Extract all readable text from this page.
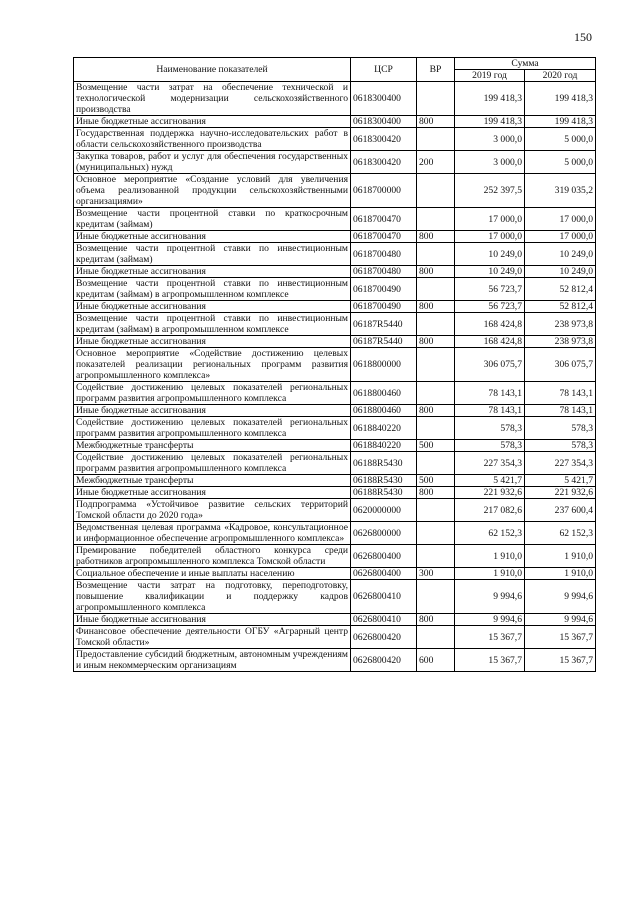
150
Наименование показателей	ЦСР	ВР	Сумма	
			2019 год	2020 год
Возмещение части затрат на обеспечение технической и технологической модернизации сельскохозяйственного производства	0618300400		199 418,3	199 418,3
Иные бюджетные ассигнования	0618300400	800	199 418,3	199 418,3
Государственная поддержка научно-исследовательских работ в области сельскохозяйственного производства	0618300420		3 000,0	5 000,0
Закупка товаров, работ и услуг для обеспечения государственных (муниципальных) нужд	0618300420	200	3 000,0	5 000,0
Основное мероприятие «Создание условий для увеличения объема реализованной продукции сельскохозяйственными организациями»	0618700000		252 397,5	319 035,2
Возмещение части процентной ставки по краткосрочным кредитам (займам)	0618700470		17 000,0	17 000,0
Иные бюджетные ассигнования	0618700470	800	17 000,0	17 000,0
Возмещение части процентной ставки по инвестиционным кредитам (займам)	0618700480		10 249,0	10 249,0
Иные бюджетные ассигнования	0618700480	800	10 249,0	10 249,0
Возмещение части процентной ставки по инвестиционным кредитам (займам) в агропромышленном комплексе	0618700490		56 723,7	52 812,4
Иные бюджетные ассигнования	0618700490	800	56 723,7	52 812,4
Возмещение части процентной ставки по инвестиционным кредитам (займам) в агропромышленном комплексе	06187R5440		168 424,8	238 973,8
Иные бюджетные ассигнования	06187R5440	800	168 424,8	238 973,8
Основное мероприятие «Содействие достижению целевых показателей реализации региональных программ развития агропромышленного комплекса»	0618800000		306 075,7	306 075,7
Содействие достижению целевых показателей региональных программ развития агропромышленного комплекса	0618800460		78 143,1	78 143,1
Иные бюджетные ассигнования	0618800460	800	78 143,1	78 143,1
Содействие достижению целевых показателей региональных программ развития агропромышленного комплекса	0618840220		578,3	578,3
Межбюджетные трансферты	0618840220	500	578,3	578,3
Содействие достижению целевых показателей региональных программ развития агропромышленного комплекса	06188R5430		227 354,3	227 354,3
Межбюджетные трансферты	06188R5430	500	5 421,7	5 421,7
Иные бюджетные ассигнования	06188R5430	800	221 932,6	221 932,6
Подпрограмма «Устойчивое развитие сельских территорий Томской области до 2020 года»	0620000000		217 082,6	237 600,4
Ведомственная целевая программа «Кадровое, консультационное и информационное обеспечение агропромышленного комплекса»	0626800000		62 152,3	62 152,3
Премирование победителей областного конкурса среди работников агропромышленного комплекса Томской области	0626800400		1 910,0	1 910,0
Социальное обеспечение и иные выплаты населению	0626800400	300	1 910,0	1 910,0
Возмещение части затрат на подготовку, переподготовку, повышение квалификации и поддержку кадров агропромышленного комплекса	0626800410		9 994,6	9 994,6
Иные бюджетные ассигнования	0626800410	800	9 994,6	9 994,6
Финансовое обеспечение деятельности ОГБУ «Аграрный центр Томской области»	0626800420		15 367,7	15 367,7
Предоставление субсидий бюджетным, автономным учреждениям и иным некоммерческим организациям	0626800420	600	15 367,7	15 367,7
